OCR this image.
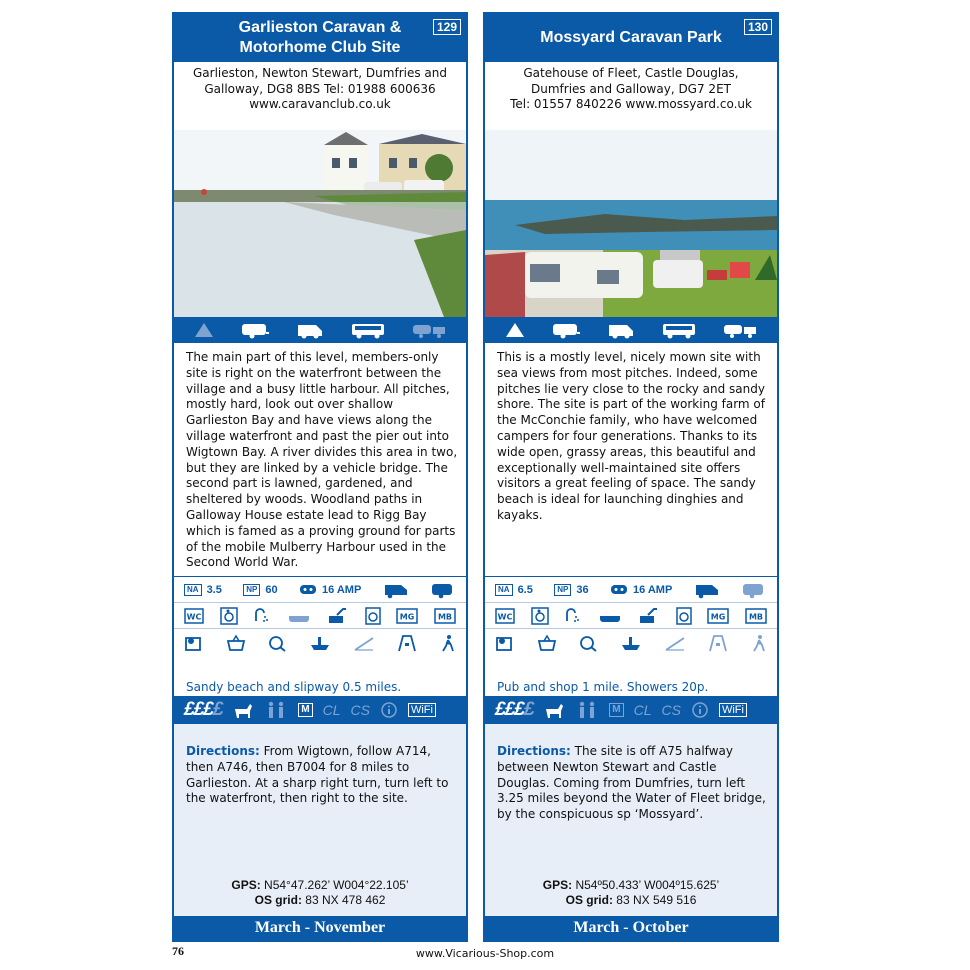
Garlieston Caravan & Motorhome Club Site
129
Garlieston, Newton Stewart, Dumfries and
Galloway, DG8 8BS Tel: 01988 600636
www.caravanclub.co.uk
The main part of this level, members-only site is right on the waterfront between the village and a busy little harbour. All pitches, mostly hard, look out over shallow Garlieston Bay and have views along the village waterfront and past the pier out into Wigtown Bay. A river divides this area in two, but they are linked by a vehicle bridge. The second part is lawned, gardened, and sheltered by woods. Woodland paths in Galloway House estate lead to Rigg Bay which is famed as a proving ground for parts of the mobile Mulberry Harbour used in the Second World War.
NA 3.5	NP 60	16 AMP
WC	MG	MB
Sandy beach and slipway 0.5 miles.
££££	M CL CS	WiFi
Directions: From Wigtown, follow A714, then A746, then B7004 for 8 miles to Garlieston. At a sharp right turn, turn left to the waterfront, then right to the site.
GPS: N54°47.262’ W004°22.105’
OS grid: 83 NX 478 462
March - November
Mossyard Caravan Park
130
Gatehouse of Fleet, Castle Douglas,
Dumfries and Galloway, DG7 2ET
Tel: 01557 840226 www.mossyard.co.uk
This is a mostly level, nicely mown site with sea views from most pitches. Indeed, some pitches lie very close to the rocky and sandy shore. The site is part of the working farm of the McConchie family, who have welcomed campers for four generations. Thanks to its wide open, grassy areas, this beautiful and exceptionally well-maintained site offers visitors a great feeling of space. The sandy beach is ideal for launching dinghies and kayaks.
NA 6.5	NP 36	16 AMP
WC	MG	MB
Pub and shop 1 mile. Showers 20p.
££££	M CL CS	WiFi
Directions: The site is off A75 halfway between Newton Stewart and Castle Douglas. Coming from Dumfries, turn left 3.25 miles beyond the Water of Fleet bridge, by the conspicuous sp ‘Mossyard’.
GPS: N54º50.433’ W004º15.625’
OS grid: 83 NX 549 516
March - October
76	www.Vicarious-Shop.com
